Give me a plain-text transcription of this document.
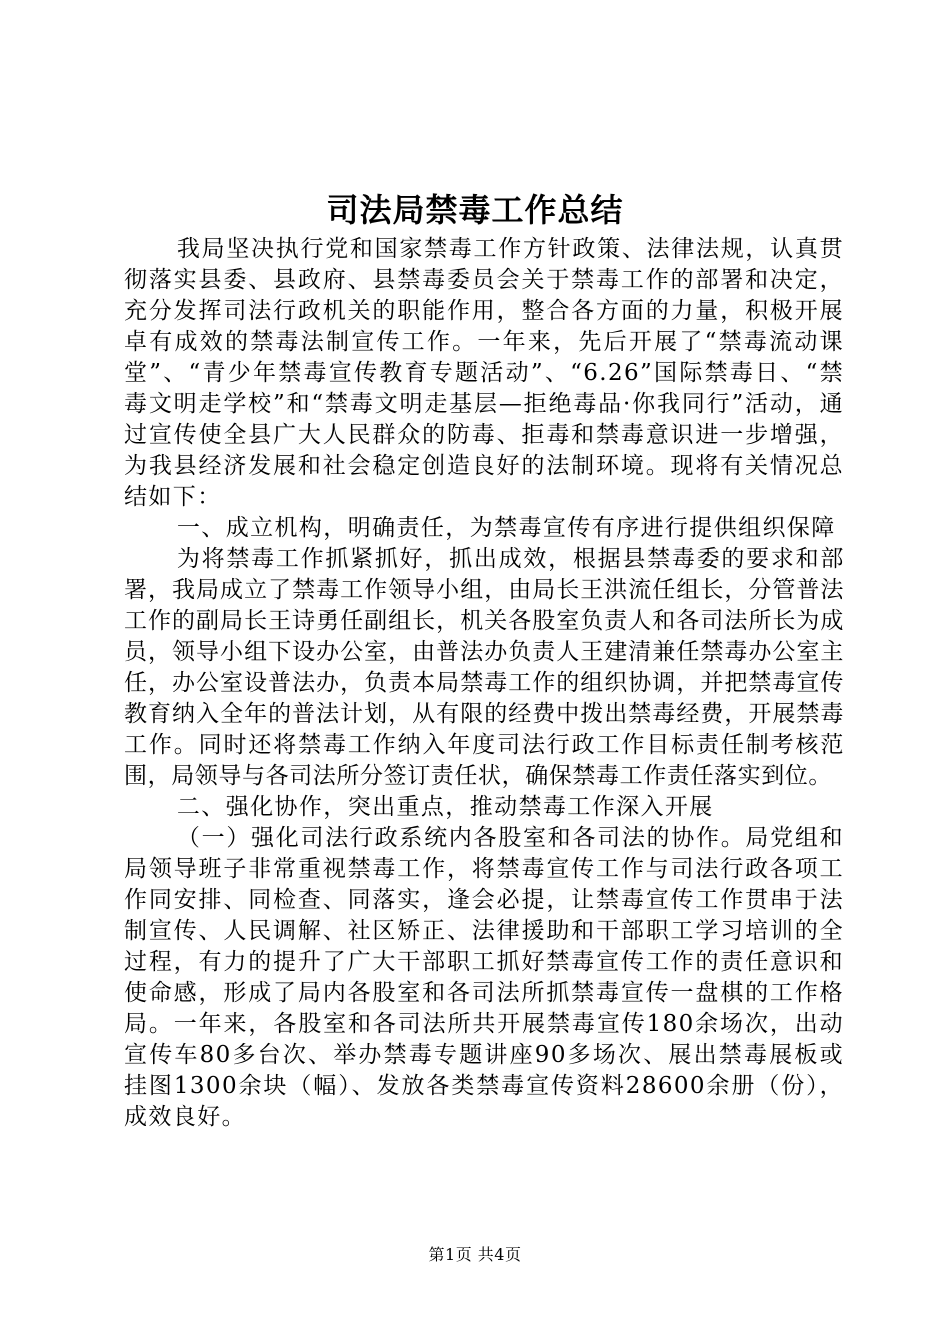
司法局禁毒工作总结

我局坚决执行党和国家禁毒工作方针政策、法律法规，认真贯彻落实县委、县政府、县禁毒委员会关于禁毒工作的部署和决定，充分发挥司法行政机关的职能作用，整合各方面的力量，积极开展卓有成效的禁毒法制宣传工作。一年来，先后开展了“禁毒流动课堂”、“青少年禁毒宣传教育专题活动”、“6.26”国际禁毒日、“禁毒文明走学校”和“禁毒文明走基层—拒绝毒品·你我同行”活动，通过宣传使全县广大人民群众的防毒、拒毒和禁毒意识进一步增强，为我县经济发展和社会稳定创造良好的法制环境。现将有关情况总结如下：

一、成立机构，明确责任，为禁毒宣传有序进行提供组织保障

为将禁毒工作抓紧抓好，抓出成效，根据县禁毒委的要求和部署，我局成立了禁毒工作领导小组，由局长王洪流任组长，分管普法工作的副局长王诗勇任副组长，机关各股室负责人和各司法所长为成员，领导小组下设办公室，由普法办负责人王建清兼任禁毒办公室主任，办公室设普法办，负责本局禁毒工作的组织协调，并把禁毒宣传教育纳入全年的普法计划，从有限的经费中拨出禁毒经费，开展禁毒工作。同时还将禁毒工作纳入年度司法行政工作目标责任制考核范围，局领导与各司法所分签订责任状，确保禁毒工作责任落实到位。

二、强化协作，突出重点，推动禁毒工作深入开展

（一）强化司法行政系统内各股室和各司法的协作。局党组和局领导班子非常重视禁毒工作，将禁毒宣传工作与司法行政各项工作同安排、同检查、同落实，逢会必提，让禁毒宣传工作贯串于法制宣传、人民调解、社区矫正、法律援助和干部职工学习培训的全过程，有力的提升了广大干部职工抓好禁毒宣传工作的责任意识和使命感，形成了局内各股室和各司法所抓禁毒宣传一盘棋的工作格局。一年来，各股室和各司法所共开展禁毒宣传180余场次，出动宣传车80多台次、举办禁毒专题讲座90多场次、展出禁毒展板或挂图1300余块（幅）、发放各类禁毒宣传资料28600余册（份），成效良好。

第1页 共4页
